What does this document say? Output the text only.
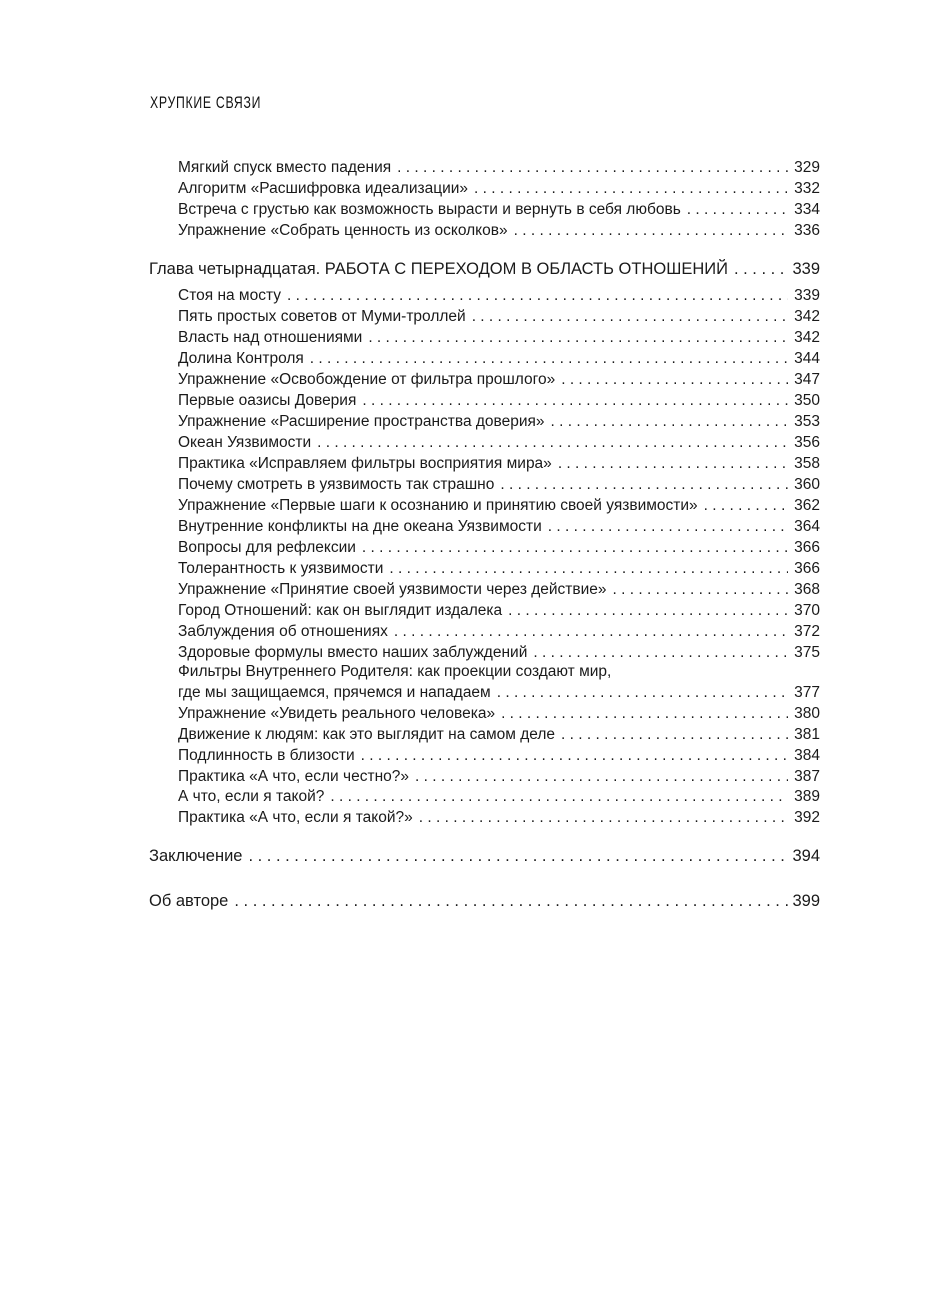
ХРУПКИЕ СВЯЗИ
Мягкий спуск вместо падения . . .	329
Алгоритм «Расшифровка идеализации» . . .	332
Встреча с грустью как возможность вырасти и вернуть в себя любовь . . .	334
Упражнение «Собрать ценность из осколков» . . .	336
Глава четырнадцатая. РАБОТА С ПЕРЕХОДОМ В ОБЛАСТЬ ОТНОШЕНИЙ . . .	339
Стоя на мосту . . .	339
Пять простых советов от Муми-троллей . . .	342
Власть над отношениями . . .	342
Долина Контроля . . .	344
Упражнение «Освобождение от фильтра прошлого» . . .	347
Первые оазисы Доверия . . .	350
Упражнение «Расширение пространства доверия» . . .	353
Океан Уязвимости . . .	356
Практика «Исправляем фильтры восприятия мира» . . .	358
Почему смотреть в уязвимость так страшно . . .	360
Упражнение «Первые шаги к осознанию и принятию своей уязвимости» . . .	362
Внутренние конфликты на дне океана Уязвимости . . .	364
Вопросы для рефлексии . . .	366
Толерантность к уязвимости . . .	366
Упражнение «Принятие своей уязвимости через действие» . . .	368
Город Отношений: как он выглядит издалека . . .	370
Заблуждения об отношениях . . .	372
Здоровые формулы вместо наших заблуждений . . .	375
Фильтры Внутреннего Родителя: как проекции создают мир,
где мы защищаемся, прячемся и нападаем . . .	377
Упражнение «Увидеть реального человека» . . .	380
Движение к людям: как это выглядит на самом деле . . .	381
Подлинность в близости . . .	384
Практика «А что, если честно?» . . .	387
А что, если я такой? . . .	389
Практика «А что, если я такой?» . . .	392
Заключение . . .	394
Об авторе . . .	399
